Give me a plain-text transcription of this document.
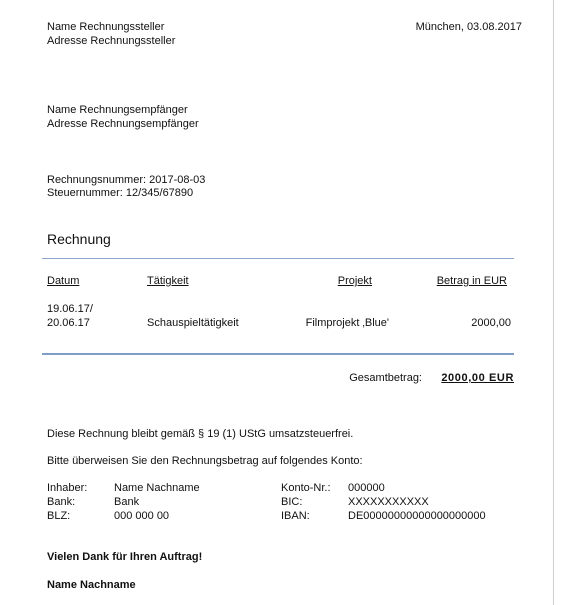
Name Rechnungssteller
Adresse Rechnungssteller
München, 03.08.2017
Name Rechnungsempfänger
Adresse Rechnungsempfänger
Rechnungsnummer: 2017-08-03
Steuernummer: 12/345/67890
Rechnung
Datum	Tätigkeit	Projekt	Betrag in EUR
19.06.17/
20.06.17	Schauspieltätigkeit	Filmprojekt ‚Blue'	2000,00
Gesamtbetrag: 2000,00 EUR
Diese Rechnung bleibt gemäß § 19 (1) UStG umsatzsteuerfrei.
Bitte überweisen Sie den Rechnungsbetrag auf folgendes Konto:
Inhaber: Name Nachname
Bank:	Bank
BLZ:	000 000 00
Konto-Nr.: 000000
BIC:	XXXXXXXXXXX
IBAN:	DE00000000000000000000
Vielen Dank für Ihren Auftrag!
Name Nachname
